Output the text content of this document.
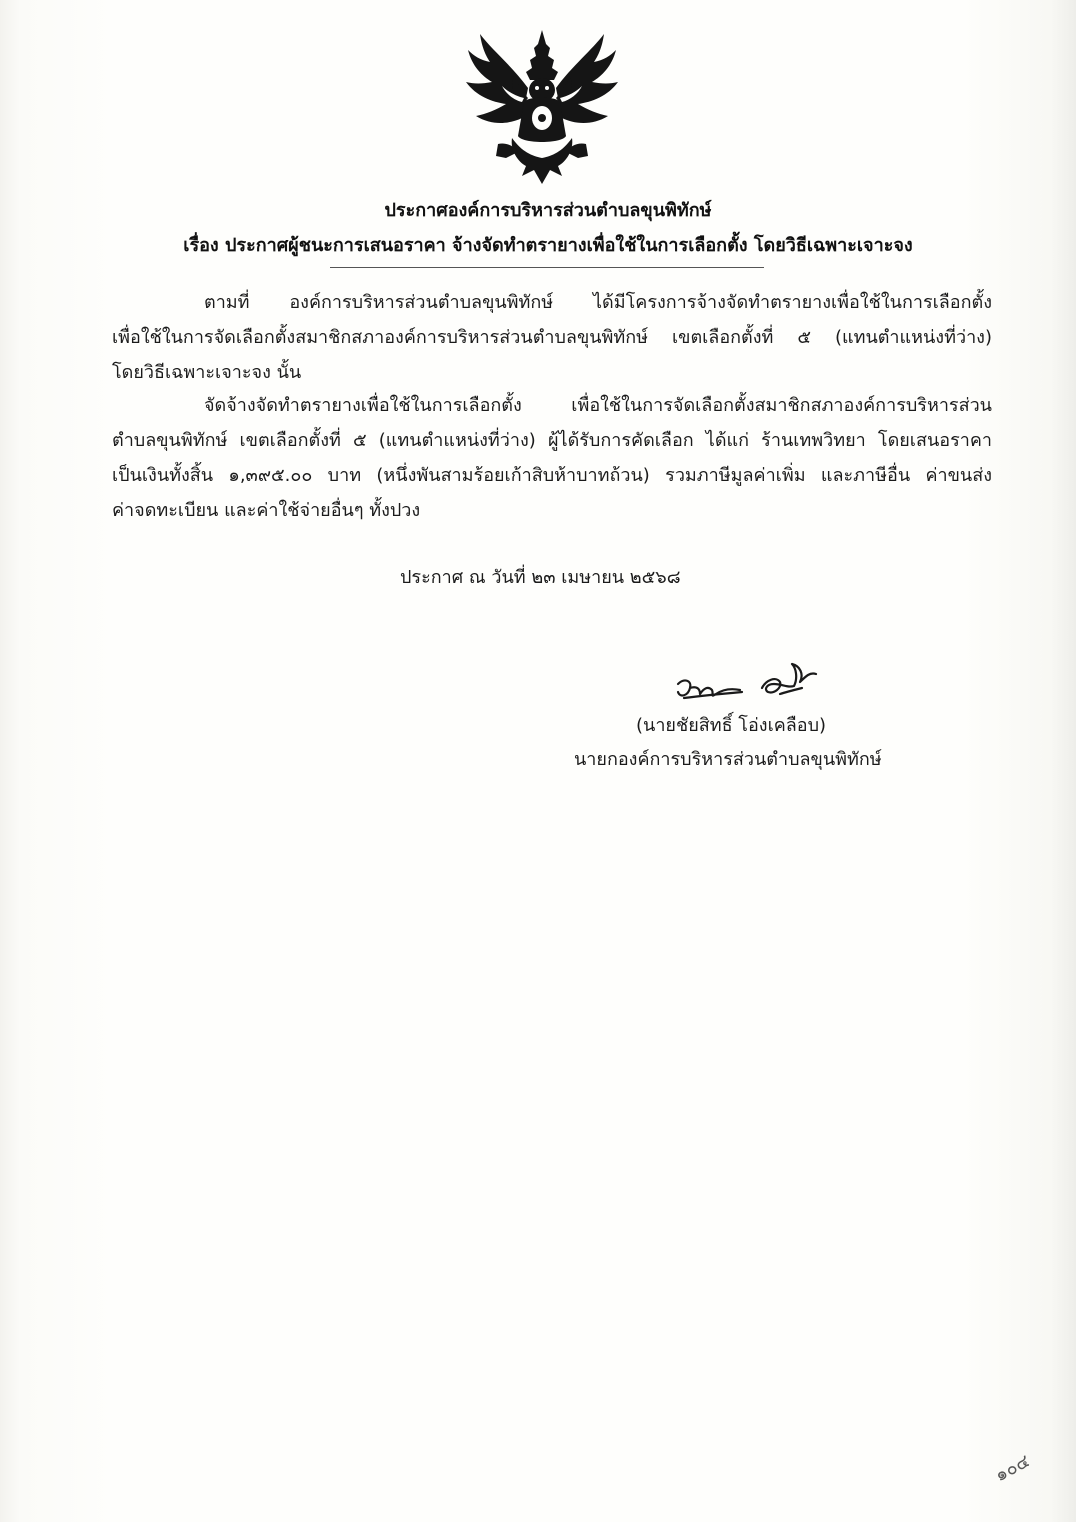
ประกาศองค์การบริหารส่วนตำบลขุนพิทักษ์
เรื่อง ประกาศผู้ชนะการเสนอราคา จ้างจัดทำตรายางเพื่อใช้ในการเลือกตั้ง โดยวิธีเฉพาะเจาะจง
ตามที่ องค์การบริหารส่วนตำบลขุนพิทักษ์ ได้มีโครงการจ้างจัดทำตรายางเพื่อใช้ในการเลือกตั้ง
เพื่อใช้ในการจัดเลือกตั้งสมาชิกสภาองค์การบริหารส่วนตำบลขุนพิทักษ์ เขตเลือกตั้งที่ ๕ (แทนตำแหน่งที่ว่าง)
โดยวิธีเฉพาะเจาะจง นั้น
จัดจ้างจัดทำตรายางเพื่อใช้ในการเลือกตั้ง เพื่อใช้ในการจัดเลือกตั้งสมาชิกสภาองค์การบริหารส่วน
ตำบลขุนพิทักษ์ เขตเลือกตั้งที่ ๕ (แทนตำแหน่งที่ว่าง) ผู้ได้รับการคัดเลือก ได้แก่ ร้านเทพวิทยา โดยเสนอราคา
เป็นเงินทั้งสิ้น ๑,๓๙๕.๐๐ บาท (หนึ่งพันสามร้อยเก้าสิบห้าบาทถ้วน) รวมภาษีมูลค่าเพิ่ม และภาษีอื่น ค่าขนส่ง
ค่าจดทะเบียน และค่าใช้จ่ายอื่นๆ ทั้งปวง
ประกาศ ณ วันที่ ๒๓ เมษายน ๒๕๖๘
(นายชัยสิทธิ์ โอ่งเคลือบ)
นายกองค์การบริหารส่วนตำบลขุนพิทักษ์
๑๐๔
